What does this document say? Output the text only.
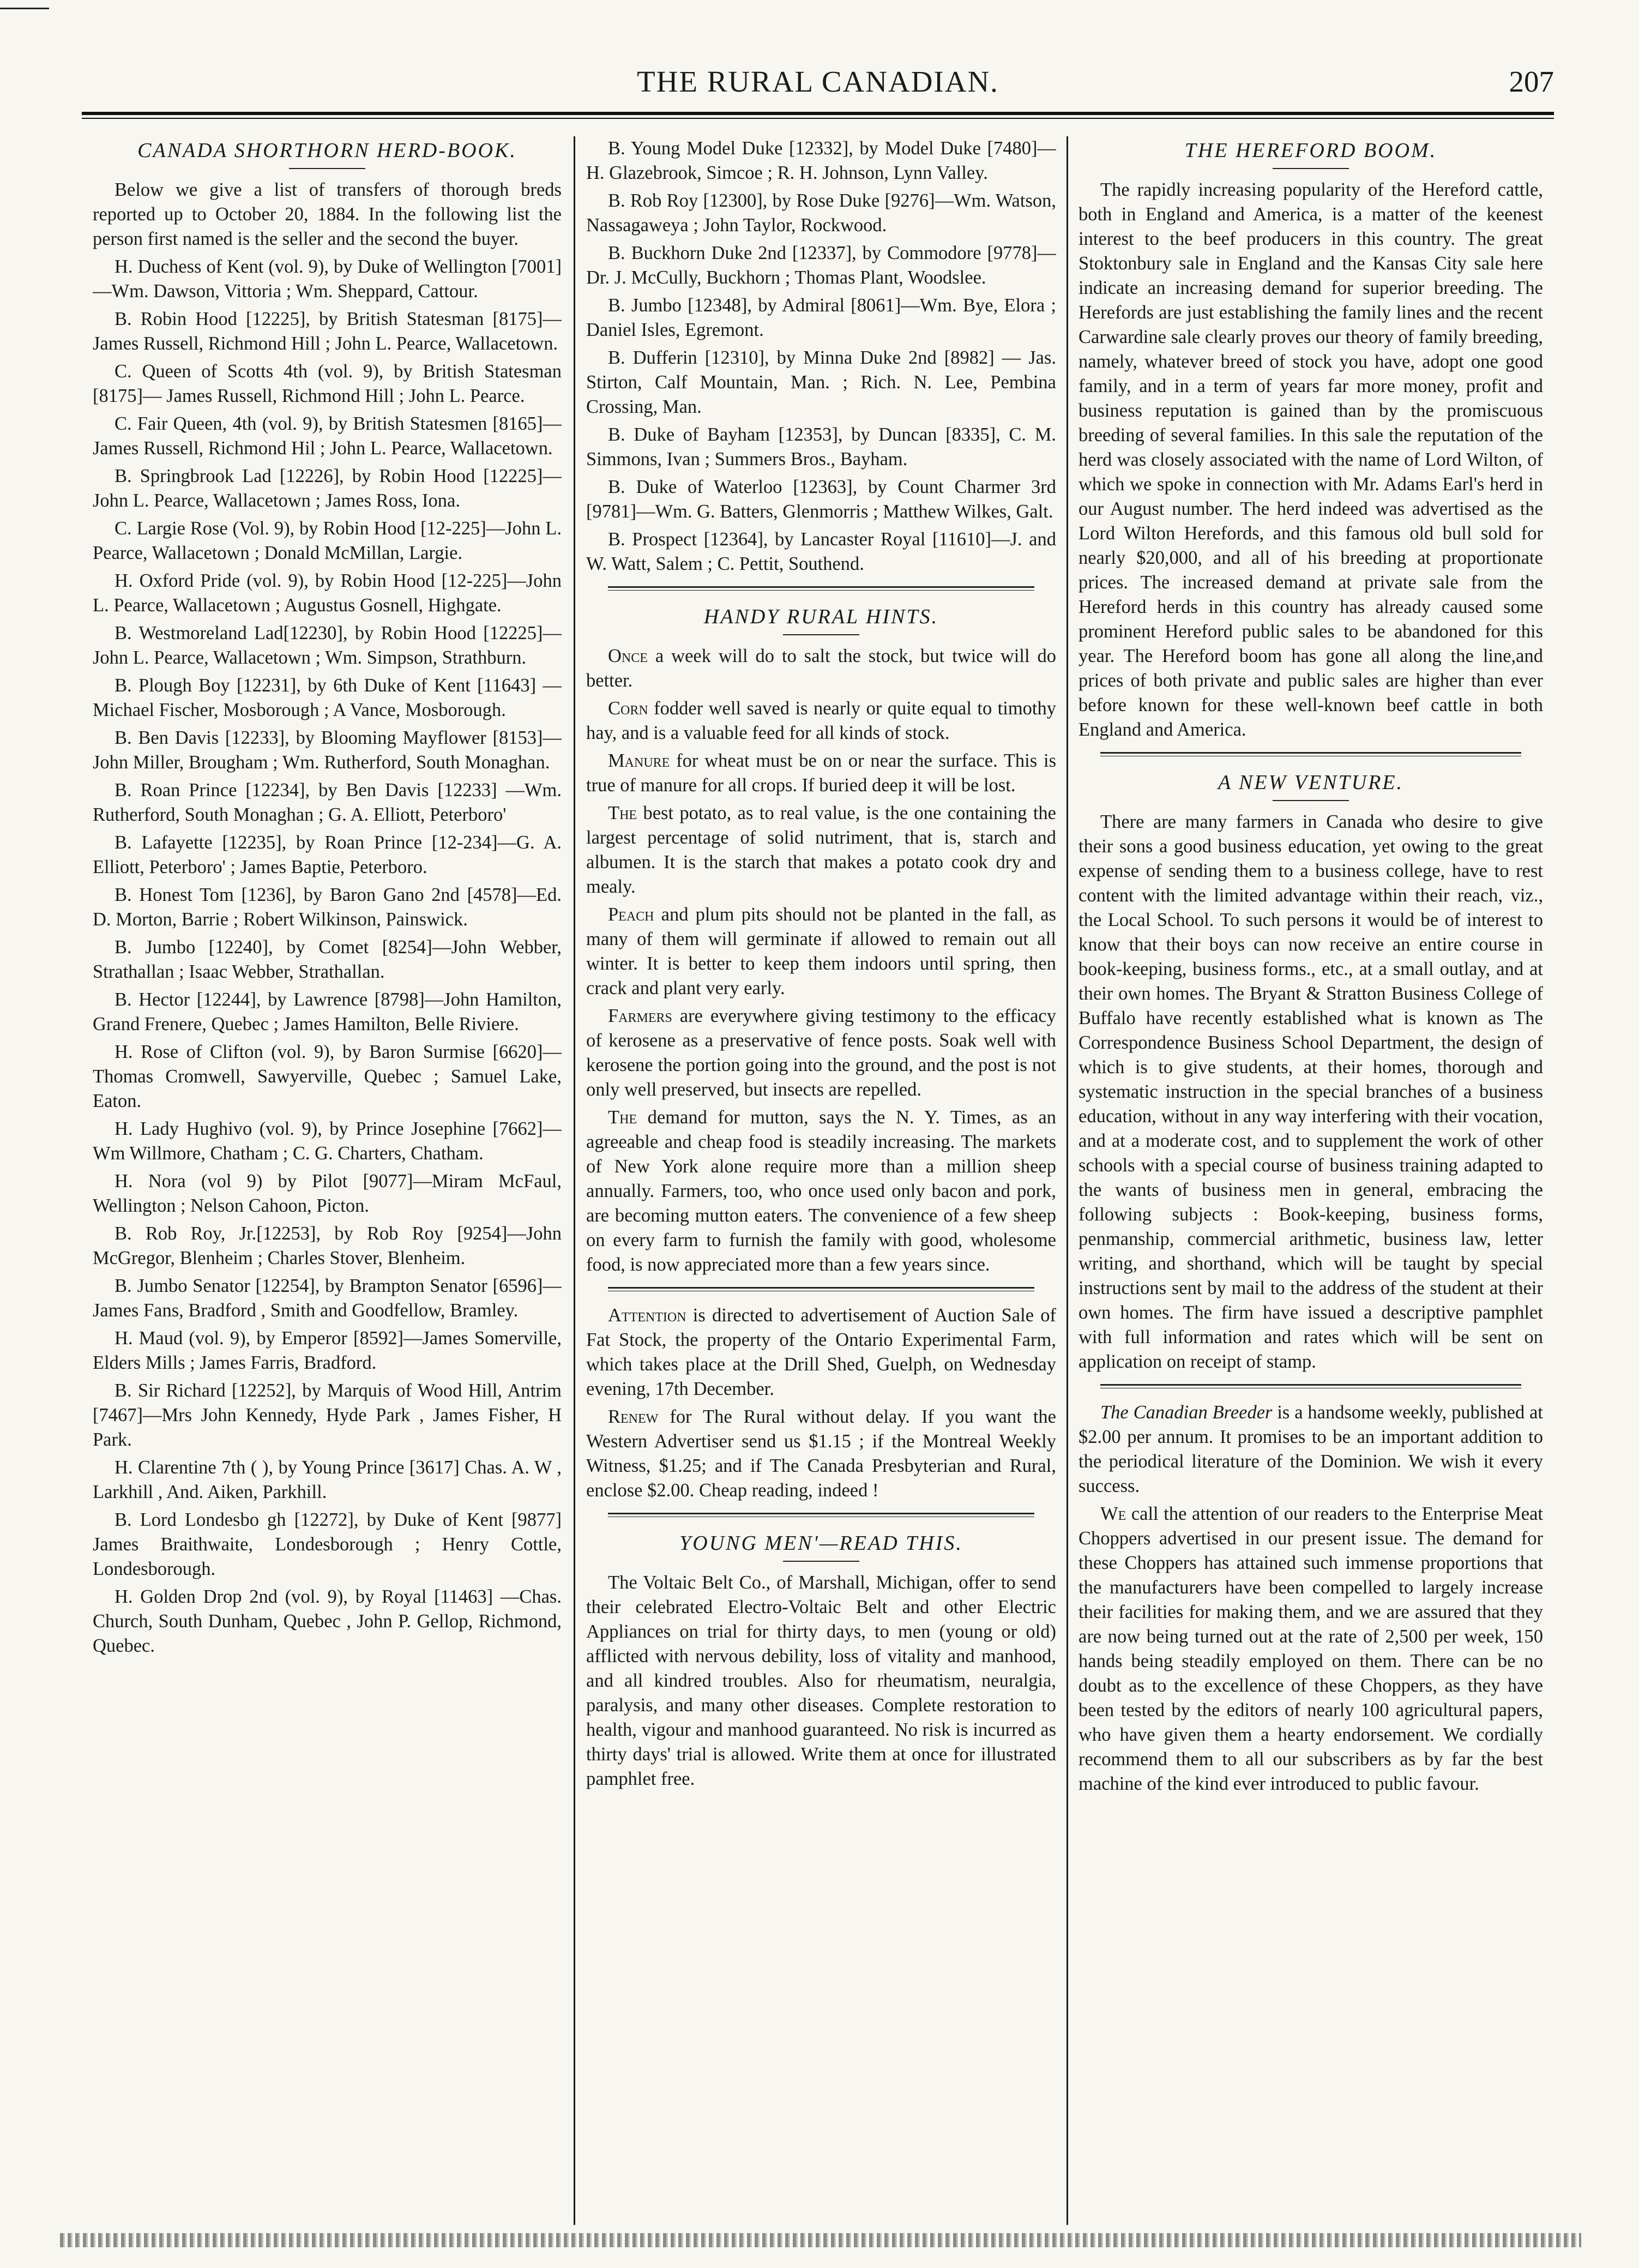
THE RURAL CANADIAN.	207
CANADA SHORTHORN HERD-BOOK.

Below we give a list of transfers of thorough breds reported up to October 20, 1884. In the following list the person first named is the seller and the second the buyer.

H. Duchess of Kent (vol. 9), by Duke of Wellington [7001]—Wm. Dawson, Vittoria ; Wm. Sheppard, Cattour.

B. Robin Hood [12225], by British Statesman [8175]—James Russell, Richmond Hill ; John L. Pearce, Wallacetown.

C. Queen of Scotts 4th (vol. 9), by British Statesman [8175]— James Russell, Richmond Hill ; John L. Pearce.

C. Fair Queen, 4th (vol. 9), by British Statesmen [8165]—James Russell, Richmond Hil ; John L. Pearce, Wallacetown.

B. Springbrook Lad [12226], by Robin Hood [12225]—John L. Pearce, Wallacetown ; James Ross, Iona.

C. Largie Rose (Vol. 9), by Robin Hood [12-225]—John L. Pearce, Wallacetown ; Donald McMillan, Largie.

H. Oxford Pride (vol. 9), by Robin Hood [12-225]—John L. Pearce, Wallacetown ; Augustus Gosnell, Highgate.

B. Westmoreland Lad[12230], by Robin Hood [12225]—John L. Pearce, Wallacetown ; Wm. Simpson, Strathburn.

B. Plough Boy [12231], by 6th Duke of Kent [11643] — Michael Fischer, Mosborough ; A Vance, Mosborough.

B. Ben Davis [12233], by Blooming Mayflower [8153]—John Miller, Brougham ; Wm. Rutherford, South Monaghan.

B. Roan Prince [12234], by Ben Davis [12233] —Wm. Rutherford, South Monaghan ; G. A. Elliott, Peterboro'

B. Lafayette [12235], by Roan Prince [12-234]—G. A. Elliott, Peterboro' ; James Baptie, Peterboro.

B. Honest Tom [1236], by Baron Gano 2nd [4578]—Ed. D. Morton, Barrie ; Robert Wilkinson, Painswick.

B. Jumbo [12240], by Comet [8254]—John Webber, Strathallan ; Isaac Webber, Strathallan.

B. Hector [12244], by Lawrence [8798]—John Hamilton, Grand Frenere, Quebec ; James Hamilton, Belle Riviere.

H. Rose of Clifton (vol. 9), by Baron Surmise [6620]—Thomas Cromwell, Sawyerville, Quebec ; Samuel Lake, Eaton.

H. Lady Hughivo (vol. 9), by Prince Josephine [7662]—Wm Willmore, Chatham ; C. G. Charters, Chatham.

H. Nora (vol 9) by Pilot [9077]—Miram McFaul, Wellington ; Nelson Cahoon, Picton.

B. Rob Roy, Jr.[12253], by Rob Roy [9254]—John McGregor, Blenheim ; Charles Stover, Blenheim.

B. Jumbo Senator [12254], by Brampton Senator [6596]—James Fans, Bradford , Smith and Goodfellow, Bramley.

H. Maud (vol. 9), by Emperor [8592]—James Somerville, Elders Mills ; James Farris, Bradford.

B. Sir Richard [12252], by Marquis of Wood Hill, Antrim [7467]—Mrs John Kennedy, Hyde Park , James Fisher, H Park.

H. Clarentine 7th ( ), by Young Prince [3617] Chas. A. W , Larkhill , And. Aiken, Parkhill.

B. Lord Londesbo gh [12272], by Duke of Kent [9877] James Braithwaite, Londesborough ; Henry Cottle, Londesborough.

H. Golden Drop 2nd (vol. 9), by Royal [11463] —Chas. Church, South Dunham, Quebec , John P. Gellop, Richmond, Quebec.

B. Young Model Duke [12332], by Model Duke [7480]—H. Glazebrook, Simcoe ; R. H. Johnson, Lynn Valley.

B. Rob Roy [12300], by Rose Duke [9276]—Wm. Watson, Nassagaweya ; John Taylor, Rockwood.

B. Buckhorn Duke 2nd [12337], by Commodore [9778]—Dr. J. McCully, Buckhorn ; Thomas Plant, Woodslee.

B. Jumbo [12348], by Admiral [8061]—Wm. Bye, Elora ; Daniel Isles, Egremont.

B. Dufferin [12310], by Minna Duke 2nd [8982] — Jas. Stirton, Calf Mountain, Man. ; Rich. N. Lee, Pembina Crossing, Man.

B. Duke of Bayham [12353], by Duncan [8335], C. M. Simmons, Ivan ; Summers Bros., Bayham.

B. Duke of Waterloo [12363], by Count Charmer 3rd [9781]—Wm. G. Batters, Glenmorris ; Matthew Wilkes, Galt.

B. Prospect [12364], by Lancaster Royal [11610]—J. and W. Watt, Salem ; C. Pettit, Southend.

HANDY RURAL HINTS.

Once a week will do to salt the stock, but twice will do better.

Corn fodder well saved is nearly or quite equal to timothy hay, and is a valuable feed for all kinds of stock.

Manure for wheat must be on or near the surface. This is true of manure for all crops. If buried deep it will be lost.

The best potato, as to real value, is the one containing the largest percentage of solid nutriment, that is, starch and albumen. It is the starch that makes a potato cook dry and mealy.

Peach and plum pits should not be planted in the fall, as many of them will germinate if allowed to remain out all winter. It is better to keep them indoors until spring, then crack and plant very early.

Farmers are everywhere giving testimony to the efficacy of kerosene as a preservative of fence posts. Soak well with kerosene the portion going into the ground, and the post is not only well preserved, but insects are repelled.

The demand for mutton, says the N. Y. Times, as an agreeable and cheap food is steadily increasing. The markets of New York alone require more than a million sheep annually. Farmers, too, who once used only bacon and pork, are becoming mutton eaters. The convenience of a few sheep on every farm to furnish the family with good, wholesome food, is now appreciated more than a few years since.

Attention is directed to advertisement of Auction Sale of Fat Stock, the property of the Ontario Experimental Farm, which takes place at the Drill Shed, Guelph, on Wednesday evening, 17th December.

Renew for The Rural without delay. If you want the Western Advertiser send us $1.15 ; if the Montreal Weekly Witness, $1.25; and if The Canada Presbyterian and Rural, enclose $2.00. Cheap reading, indeed !

YOUNG MEN'—READ THIS.

The Voltaic Belt Co., of Marshall, Michigan, offer to send their celebrated Electro-Voltaic Belt and other Electric Appliances on trial for thirty days, to men (young or old) afflicted with nervous debility, loss of vitality and manhood, and all kindred troubles. Also for rheumatism, neuralgia, paralysis, and many other diseases. Complete restoration to health, vigour and manhood guaranteed. No risk is incurred as thirty days' trial is allowed. Write them at once for illustrated pamphlet free.

THE HEREFORD BOOM.

The rapidly increasing popularity of the Hereford cattle, both in England and America, is a matter of the keenest interest to the beef producers in this country. The great Stoktonbury sale in England and the Kansas City sale here indicate an increasing demand for superior breeding. The Herefords are just establishing the family lines and the recent Carwardine sale clearly proves our theory of family breeding, namely, whatever breed of stock you have, adopt one good family, and in a term of years far more money, profit and business reputation is gained than by the promiscuous breeding of several families. In this sale the reputation of the herd was closely associated with the name of Lord Wilton, of which we spoke in connection with Mr. Adams Earl's herd in our August number. The herd indeed was advertised as the Lord Wilton Herefords, and this famous old bull sold for nearly $20,000, and all of his breeding at proportionate prices. The increased demand at private sale from the Hereford herds in this country has already caused some prominent Hereford public sales to be abandoned for this year. The Hereford boom has gone all along the line,and prices of both private and public sales are higher than ever before known for these well-known beef cattle in both England and America.

A NEW VENTURE.

There are many farmers in Canada who desire to give their sons a good business education, yet owing to the great expense of sending them to a business college, have to rest content with the limited advantage within their reach, viz., the Local School. To such persons it would be of interest to know that their boys can now receive an entire course in book-keeping, business forms., etc., at a small outlay, and at their own homes. The Bryant & Stratton Business College of Buffalo have recently established what is known as The Correspondence Business School Department, the design of which is to give students, at their homes, thorough and systematic instruction in the special branches of a business education, without in any way interfering with their vocation, and at a moderate cost, and to supplement the work of other schools with a special course of business training adapted to the wants of business men in general, embracing the following subjects : Book-keeping, business forms, penmanship, commercial arithmetic, business law, letter writing, and shorthand, which will be taught by special instructions sent by mail to the address of the student at their own homes. The firm have issued a descriptive pamphlet with full information and rates which will be sent on application on receipt of stamp.

The Canadian Breeder is a handsome weekly, published at $2.00 per annum. It promises to be an important addition to the periodical literature of the Dominion. We wish it every success.

We call the attention of our readers to the Enterprise Meat Choppers advertised in our present issue. The demand for these Choppers has attained such immense proportions that the manufacturers have been compelled to largely increase their facilities for making them, and we are assured that they are now being turned out at the rate of 2,500 per week, 150 hands being steadily employed on them. There can be no doubt as to the excellence of these Choppers, as they have been tested by the editors of nearly 100 agricultural papers, who have given them a hearty endorsement. We cordially recommend them to all our subscribers as by far the best machine of the kind ever introduced to public favour.
